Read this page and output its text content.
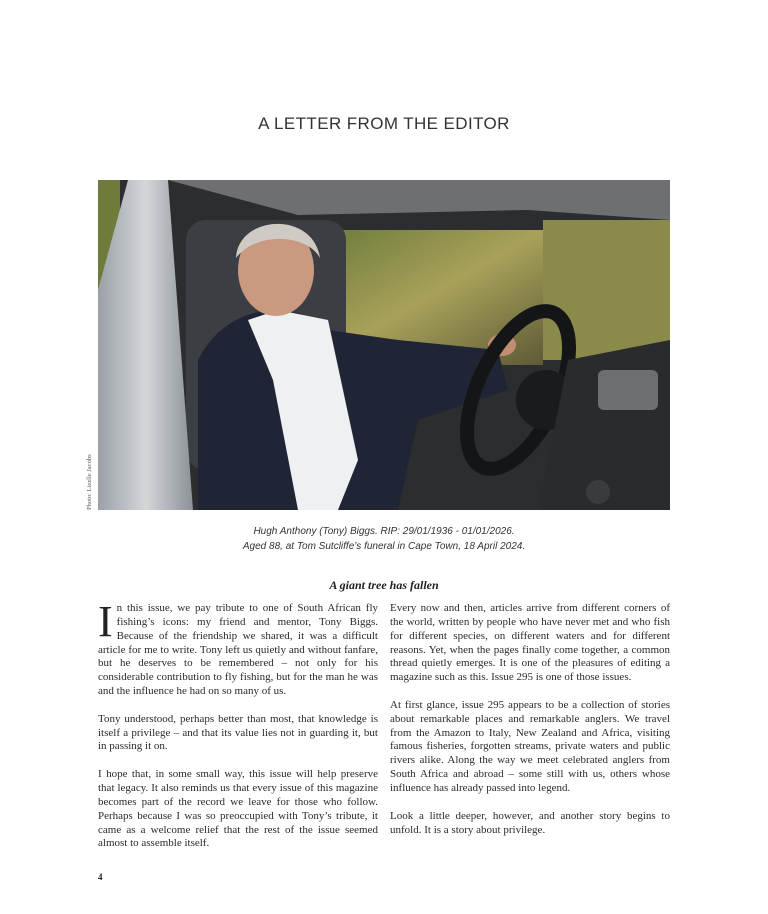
A LETTER FROM THE EDITOR
Photo: Liezlle Jacobs
Hugh Anthony (Tony) Biggs. RIP: 29/01/1936 - 01/01/2026.
Aged 88, at Tom Sutcliffe’s funeral in Cape Town, 18 April 2024.
A giant tree has fallen

In this issue, we pay tribute to one of South African fly fishing’s icons: my friend and mentor, Tony Biggs. Because of the friendship we shared, it was a difficult article for me to write. Tony left us quietly and without fanfare, but he deserves to be remembered – not only for his considerable contribution to fly fishing, but for the man he was and the influence he had on so many of us.

Tony understood, perhaps better than most, that knowledge is itself a privilege – and that its value lies not in guarding it, but in passing it on.

I hope that, in some small way, this issue will help preserve that legacy. It also reminds us that every issue of this magazine becomes part of the record we leave for those who follow. Perhaps because I was so preoccupied with Tony’s tribute, it came as a welcome relief that the rest of the issue seemed almost to assemble itself.

Every now and then, articles arrive from different corners of the world, written by people who have never met and who fish for different species, on different waters and for different reasons. Yet, when the pages finally come together, a common thread quietly emerges. It is one of the pleasures of editing a magazine such as this. Issue 295 is one of those issues.

At first glance, issue 295 appears to be a collection of stories about remarkable places and remarkable anglers. We travel from the Amazon to Italy, New Zealand and Africa, visiting famous fisheries, forgotten streams, private waters and public rivers alike. Along the way we meet celebrated anglers from South Africa and abroad – some still with us, others whose influence has already passed into legend.

Look a little deeper, however, and another story begins to unfold. It is a story about privilege.

4
